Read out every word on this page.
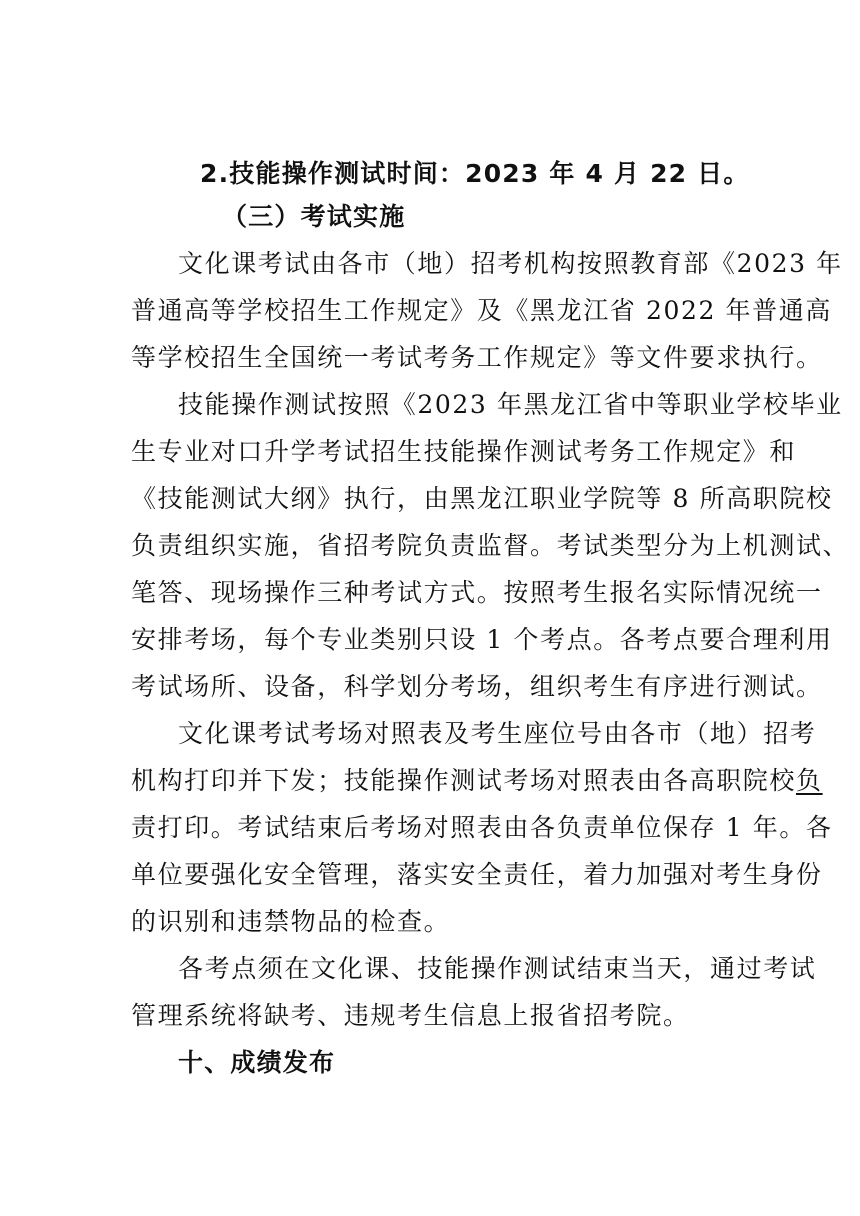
2.技能操作测试时间：2023 年 4 月 22 日。
（三）考试实施
文化课考试由各市（地）招考机构按照教育部《2023 年
普通高等学校招生工作规定》及《黑龙江省 2022 年普通高
等学校招生全国统一考试考务工作规定》等文件要求执行。
技能操作测试按照《2023 年黑龙江省中等职业学校毕业
生专业对口升学考试招生技能操作测试考务工作规定》和
《技能测试大纲》执行，由黑龙江职业学院等 8 所高职院校
负责组织实施，省招考院负责监督。考试类型分为上机测试、
笔答、现场操作三种考试方式。按照考生报名实际情况统一
安排考场，每个专业类别只设 1 个考点。各考点要合理利用
考试场所、设备，科学划分考场，组织考生有序进行测试。
文化课考试考场对照表及考生座位号由各市（地）招考
机构打印并下发；技能操作测试考场对照表由各高职院校负
责打印。考试结束后考场对照表由各负责单位保存 1 年。各
单位要强化安全管理，落实安全责任，着力加强对考生身份
的识别和违禁物品的检查。
各考点须在文化课、技能操作测试结束当天，通过考试
管理系统将缺考、违规考生信息上报省招考院。
十、成绩发布
